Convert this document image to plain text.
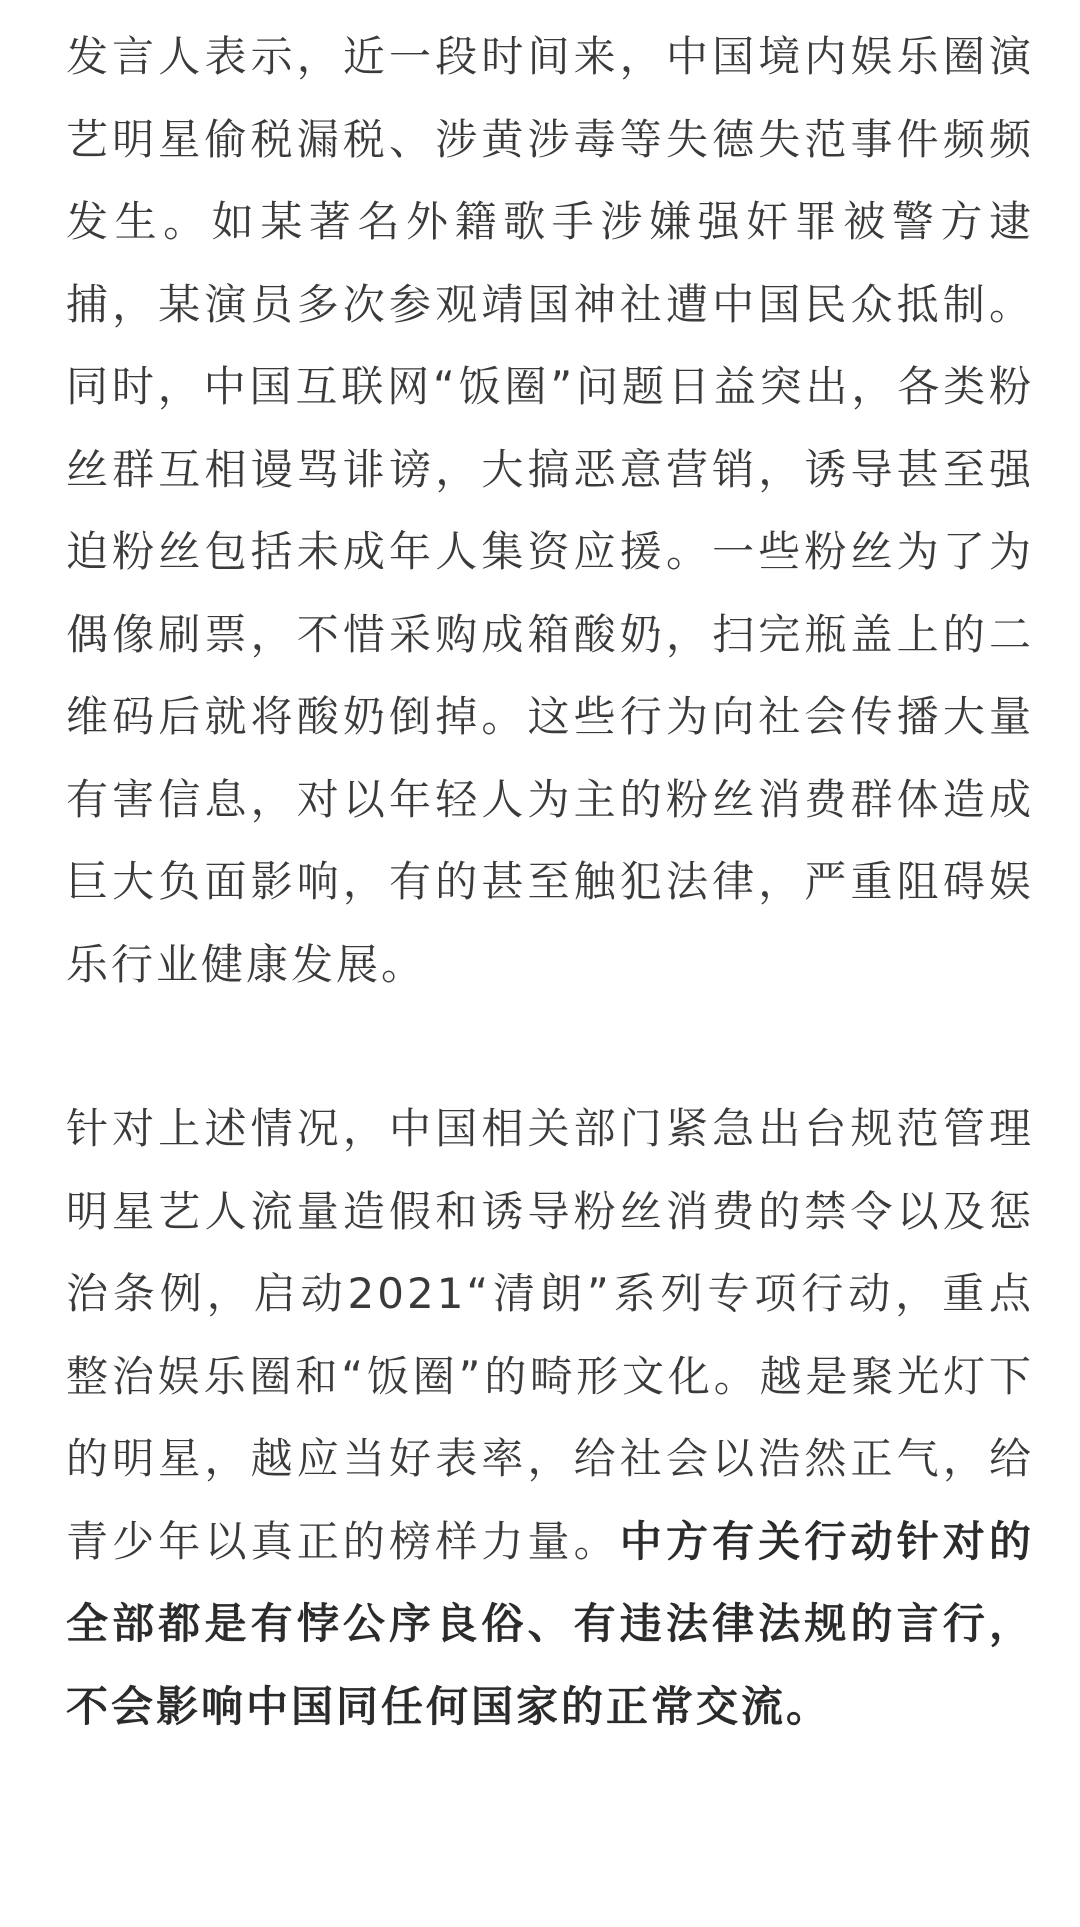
发言人表示，近一段时间来，中国境内娱乐圈演艺明星偷税漏税、涉黄涉毒等失德失范事件频频发生。如某著名外籍歌手涉嫌强奸罪被警方逮捕，某演员多次参观靖国神社遭中国民众抵制。同时，中国互联网“饭圈”问题日益突出，各类粉丝群互相谩骂诽谤，大搞恶意营销，诱导甚至强迫粉丝包括未成年人集资应援。一些粉丝为了为偶像刷票，不惜采购成箱酸奶，扫完瓶盖上的二维码后就将酸奶倒掉。这些行为向社会传播大量有害信息，对以年轻人为主的粉丝消费群体造成巨大负面影响，有的甚至触犯法律，严重阻碍娱乐行业健康发展。

针对上述情况，中国相关部门紧急出台规范管理明星艺人流量造假和诱导粉丝消费的禁令以及惩治条例，启动2021“清朗”系列专项行动，重点整治娱乐圈和“饭圈”的畸形文化。越是聚光灯下的明星，越应当好表率，给社会以浩然正气，给青少年以真正的榜样力量。中方有关行动针对的全部都是有悖公序良俗、有违法律法规的言行，不会影响中国同任何国家的正常交流。
